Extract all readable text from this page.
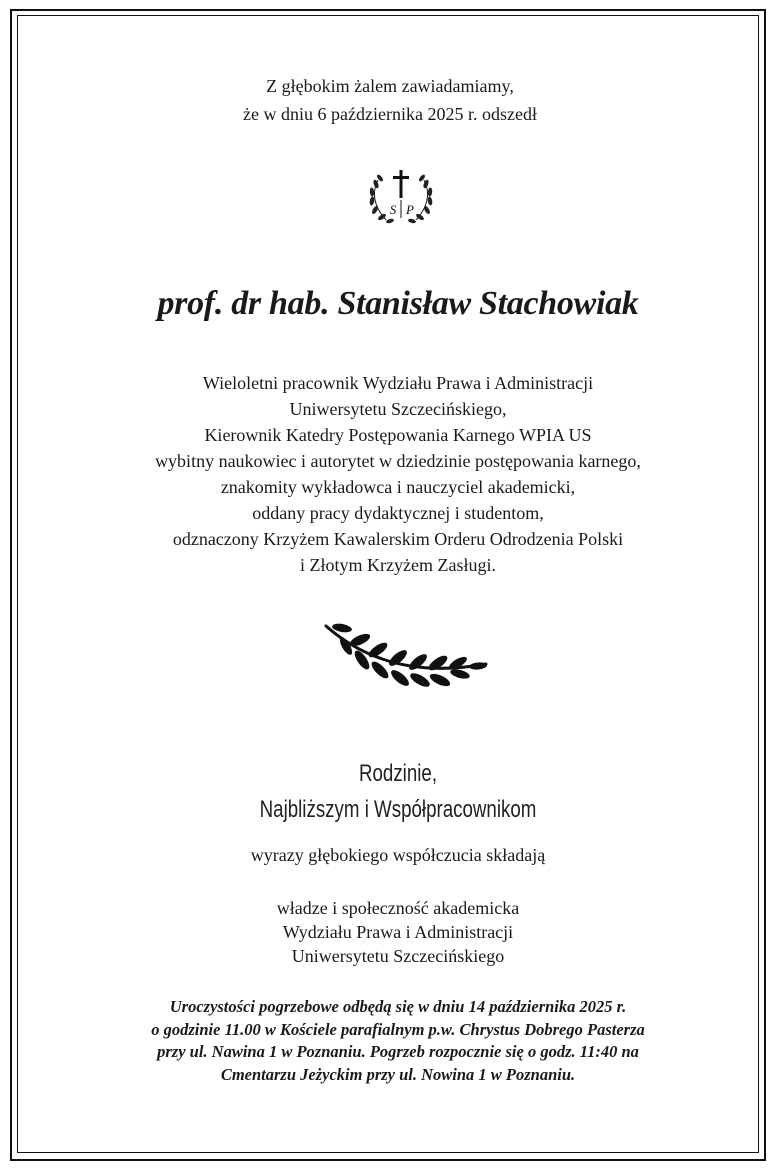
Z głębokim żalem zawiadamiamy,
że w dniu 6 października 2025 r. odszedł
S P
prof. dr hab. Stanisław Stachowiak
Wieloletni pracownik Wydziału Prawa i Administracji
Uniwersytetu Szczecińskiego,
Kierownik Katedry Postępowania Karnego WPIA US
wybitny naukowiec i autorytet w dziedzinie postępowania karnego,
znakomity wykładowca i nauczyciel akademicki,
oddany pracy dydaktycznej i studentom,
odznaczony Krzyżem Kawalerskim Orderu Odrodzenia Polski
i Złotym Krzyżem Zasługi.
Rodzinie,
Najbliższym i Współpracownikom
wyrazy głębokiego współczucia składają
władze i społeczność akademicka
Wydziału Prawa i Administracji
Uniwersytetu Szczecińskiego
Uroczystości pogrzebowe odbędą się w dniu 14 października 2025 r.
o godzinie 11.00 w Kościele parafialnym p.w. Chrystus Dobrego Pasterza
przy ul. Nawina 1 w Poznaniu. Pogrzeb rozpocznie się o godz. 11:40 na
Cmentarzu Jeżyckim przy ul. Nowina 1 w Poznaniu.
